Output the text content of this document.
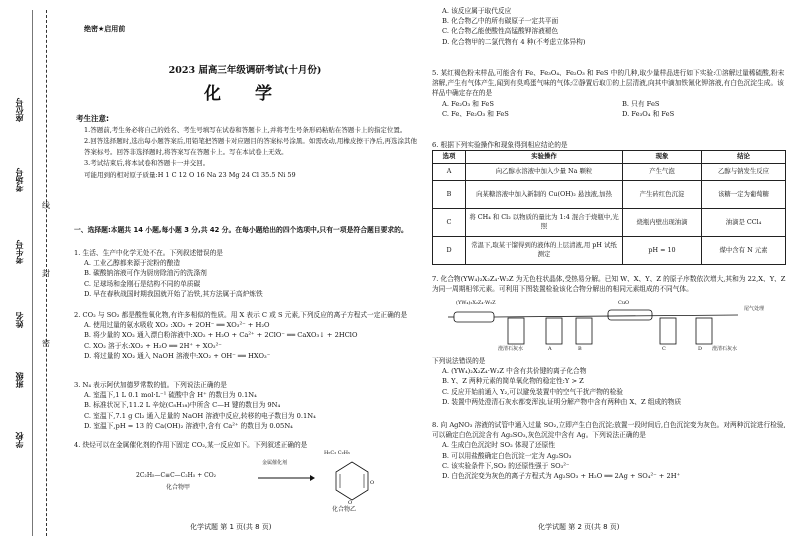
学校
班级
姓名
考生号
考场号
座位号
密
封
线
绝密★启用前
2023 届高三年级调研考试(十月份)
化 学
考生注意:

1.答题前,考生务必将自己的姓名、考生号填写在试卷和答题卡上,并将考生号条形码粘贴在答题卡上的指定位置。

2.回答选择题时,选出每小题答案后,用铅笔把答题卡对应题目的答案标号涂黑。如需改动,用橡皮擦干净后,再选涂其他答案标号。回答非选择题时,将答案写在答题卡上。写在本试卷上无效。

3.考试结束后,将本试卷和答题卡一并交回。

可能用到的相对原子质量:H 1 C 12 O 16 Na 23 Mg 24 Cl 35.5 Ni 59

一、选择题:本题共 14 小题,每小题 3 分,共 42 分。在每小题给出的四个选项中,只有一项是符合题目要求的。

1. 生活、生产中化学无处不在。下列叙述错误的是

A. 工业乙醇都来源于淀粉的酿造

B. 碳酸钠溶液可作为厨房除油污的洗涤剂

C. 足球场和金刚石是结构不同的单质碳

D. 早在春秋战国时期我国就开始了冶铁,其方法属于高炉炼铁

2. CO₂ 与 SO₂ 都是酸性氧化物,有许多相似的性质。用 X 表示 C 或 S 元素,下列反应的离子方程式一定正确的是

A. 使用过量的氨水吸收 XO₂ :XO₂ + 2OH⁻ ══ XO₃²⁻ + H₂O

B. 将少量的 XO₂ 通入漂白粉溶液中:XO₂ + H₂O + Ca²⁺ + 2ClO⁻ ══ CaXO₃↓ + 2HClO

C. XO₂ 溶于水:XO₂ + H₂O ══ 2H⁺ + XO₃²⁻

D. 将过量的 XO₂ 通入 NaOH 溶液中:XO₂ + OH⁻ ══ HXO₃⁻

3. N₄ 表示阿伏加德罗常数的值。下列说法正确的是

A. 室温下,1 L 0.1 mol·L⁻¹ 硫酸中含 H⁺ 的数目为 0.1N₄

B. 标准状况下,11.2 L 辛烷(C₈H₁₈)中所含 C—H 键的数目为 9N₄

C. 室温下,7.1 g Cl₂ 通入足量的 NaOH 溶液中反应,转移的电子数目为 0.1N₄

D. 室温下,pH = 13 的 Ca(OH)₂ 溶液中,含有 Ca²⁺ 的数目为 0.05N₄

4. 炔烃可以在金属催化剂的作用下固定 CO₂,某一反应如下。下列叙述正确的是

2C₂H₅—C≡C—C₂H₅ + CO₂
金属催化剂
O
O
H₅C₂ C₂H₅
化合物甲
化合物乙
化学试题 第 1 页(共 8 页)

A. 该反应属于取代反应

B. 化合物乙中的所有碳原子一定共平面

C. 化合物乙能使酸性高锰酸钾溶液褪色

D. 化合物甲的二氯代物有 4 种(不考虑立体异构)

5. 某红褐色粉末样品,可能含有 Fe、Fe₃O₄、Fe₂O₃ 和 FeS 中的几种,取少量样品进行如下实验:①溶解过量稀硫酸,粉末溶解,产生有气体产生,闻到有臭鸡蛋气味的气体;②静置后取①的上层清液,向其中滴加铁氰化钾溶液,有白色沉淀生成。该样品中确定存在的是

A. Fe₂O₃ 和 FeS	B. 只有 FeS

C. Fe、Fe₂O₃ 和 FeS	D. Fe₃O₄ 和 FeS

6. 根据下列实验操作和现象得到相应结论的是

选项	实验操作	现象	结论
A	向乙醇水溶液中加入少量 Na 颗粒	产生气泡	乙醇与钠发生反应
B	向某糖溶液中加入新制的 Cu(OH)₂ 悬浊液,加热	产生砖红色沉淀	该糖一定为葡萄糖
C	将 CH₄ 和 Cl₂ 以物质的量比为 1:4 混合于烧瓶中,光照	烧瓶内壁出现油滴	油滴是 CCl₄
D	常温下,取某干馏得到的液体的上层清液,用 pH 试纸测定	pH = 10	煤中含有 N 元素

7. 化合物(YW₄)₂X₂Z₄·W₂Z 为无色柱状晶体,受热易分解。已知 W、X、Y、Z 的原子序数依次增大,其和为 22,X、Y、Z 为同一周期相邻元素。可利用下图装置检验该化合物分解出的相同元素组成的不同气体。

(YW₄)₂X₂Z₄·W₂Z
澄清石灰水	A	B
CuO
C	D 澄清石灰水
尾气处理

下列说法错误的是

A. (YW₄)₂X₂Z₄·W₂Z 中含有共价键的离子化合物

B. Y、Z 两种元素的简单氧化物的稳定性:Y > Z

C. 反应开始前通入 Y₂,可以避免装置中的空气干扰产物的检验

D. 装置中两处澄清石灰水都变浑浊,证明分解产物中含有两种由 X、Z 组成的物质

8. 向 AgNO₃ 溶液的试管中通入过量 SO₂,立即产生白色沉淀;放置一段时间后,白色沉淀变为灰色。对两种沉淀进行检验,可以确定白色沉淀含有 Ag₂SO₃,灰色沉淀中含有 Ag。下列说法正确的是

A. 生成白色沉淀时 SO₂ 体现了还原性

B. 可以用盐酸确定白色沉淀一定为 Ag₂SO₃

C. 该实验条件下,SO₂ 的还原性强于 SO₃²⁻

D. 白色沉淀变为灰色的离子方程式为 Ag₂SO₃ + H₂O ══ 2Ag + SO₄²⁻ + 2H⁺

化学试题 第 2 页(共 8 页)
